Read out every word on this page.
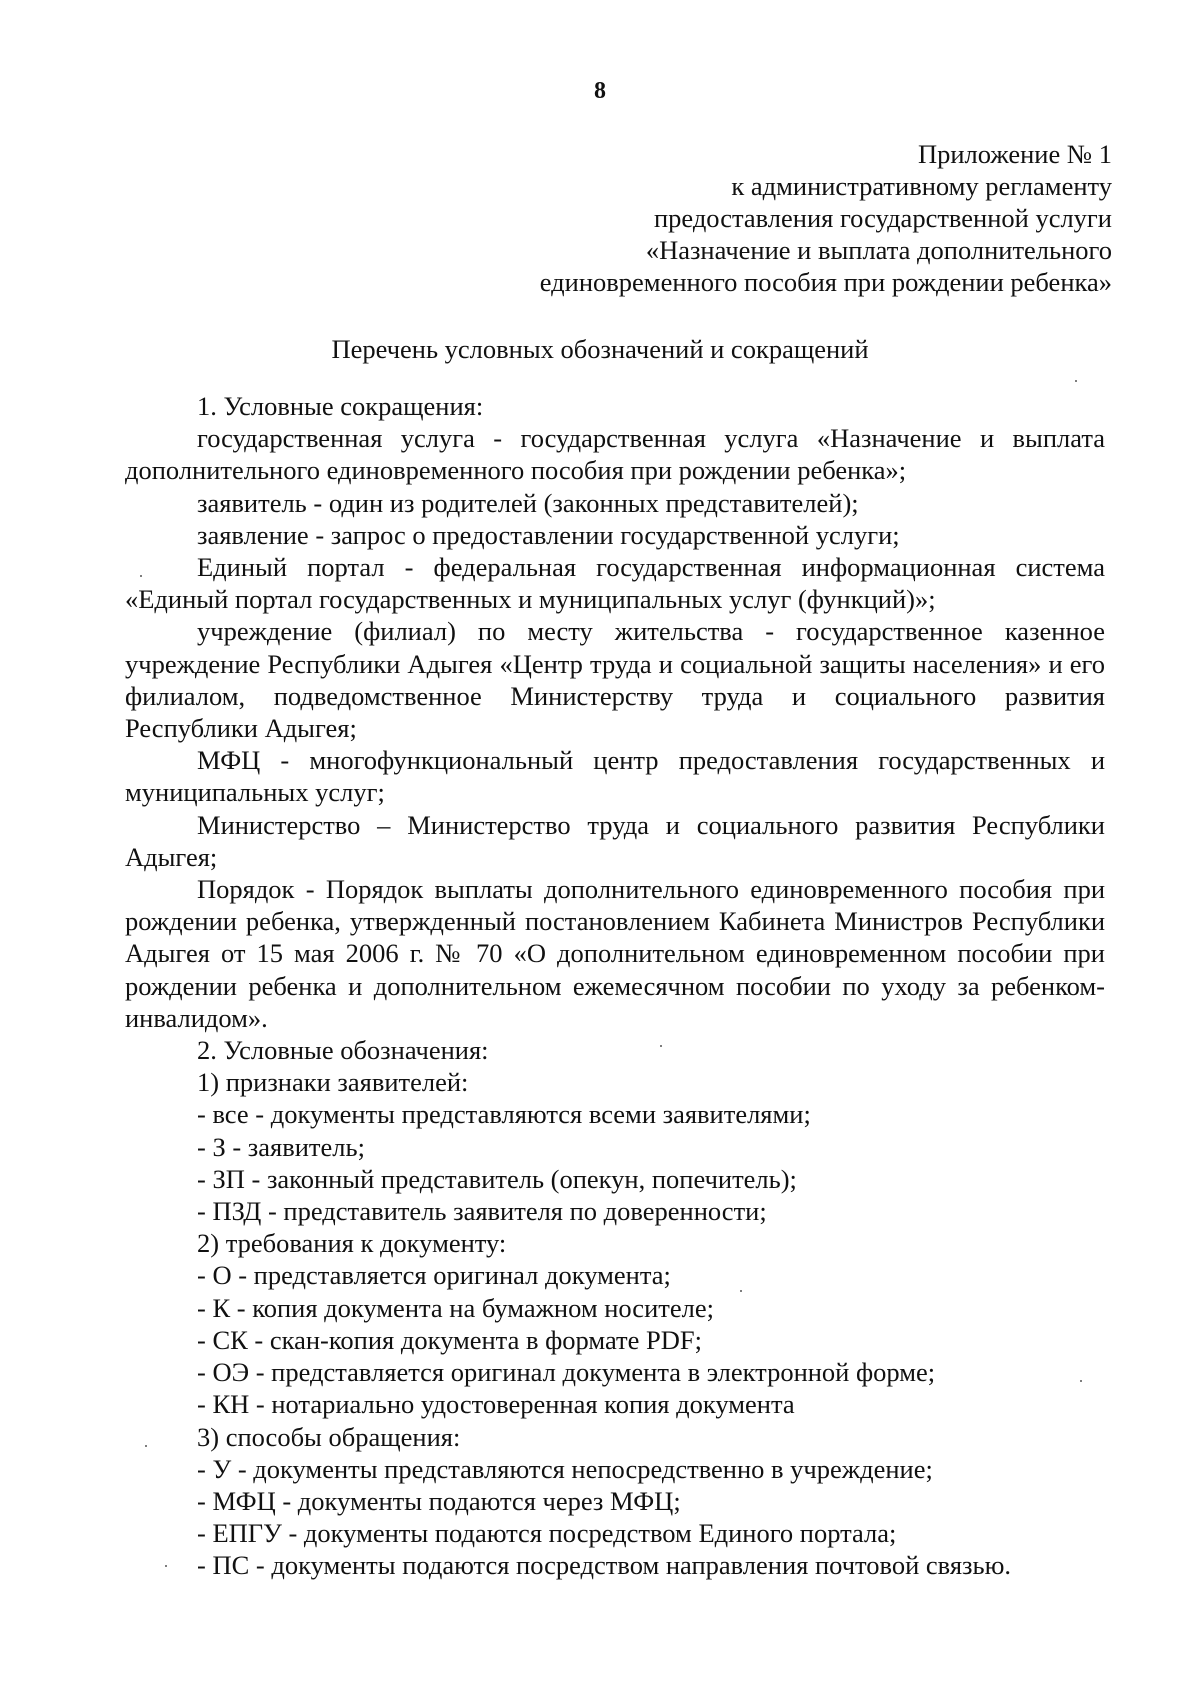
8
Приложение № 1
к административному регламенту
предоставления государственной услуги
«Назначение и выплата дополнительного
единовременного пособия при рождении ребенка»
Перечень условных обозначений и сокращений

1. Условные сокращения:

государственная услуга - государственная услуга «Назначение и выплата дополнительного единовременного пособия при рождении ребенка»;

заявитель - один из родителей (законных представителей);

заявление - запрос о предоставлении государственной услуги;

Единый портал - федеральная государственная информационная система «Единый портал государственных и муниципальных услуг (функций)»;

учреждение (филиал) по месту жительства - государственное казенное учреждение Республики Адыгея «Центр труда и социальной защиты населения» и его филиалом, подведомственное Министерству труда и социального развития Республики Адыгея;

МФЦ - многофункциональный центр предоставления государственных и муниципальных услуг;

Министерство – Министерство труда и социального развития Республики Адыгея;

Порядок - Порядок выплаты дополнительного единовременного пособия при рождении ребенка, утвержденный постановлением Кабинета Министров Республики Адыгея от 15 мая 2006 г. № 70 «О дополнительном единовременном пособии при рождении ребенка и дополнительном ежемесячном пособии по уходу за ребенком-инвалидом».

2. Условные обозначения:

1) признаки заявителей:

- все - документы представляются всеми заявителями;

- З - заявитель;

- ЗП - законный представитель (опекун, попечитель);

- ПЗД - представитель заявителя по доверенности;

2) требования к документу:

- О - представляется оригинал документа;

- К - копия документа на бумажном носителе;

- СК - скан-копия документа в формате PDF;

- ОЭ - представляется оригинал документа в электронной форме;

- КН - нотариально удостоверенная копия документа

3) способы обращения:

- У - документы представляются непосредственно в учреждение;

- МФЦ - документы подаются через МФЦ;

- ЕПГУ - документы подаются посредством Единого портала;

- ПС - документы подаются посредством направления почтовой связью.
